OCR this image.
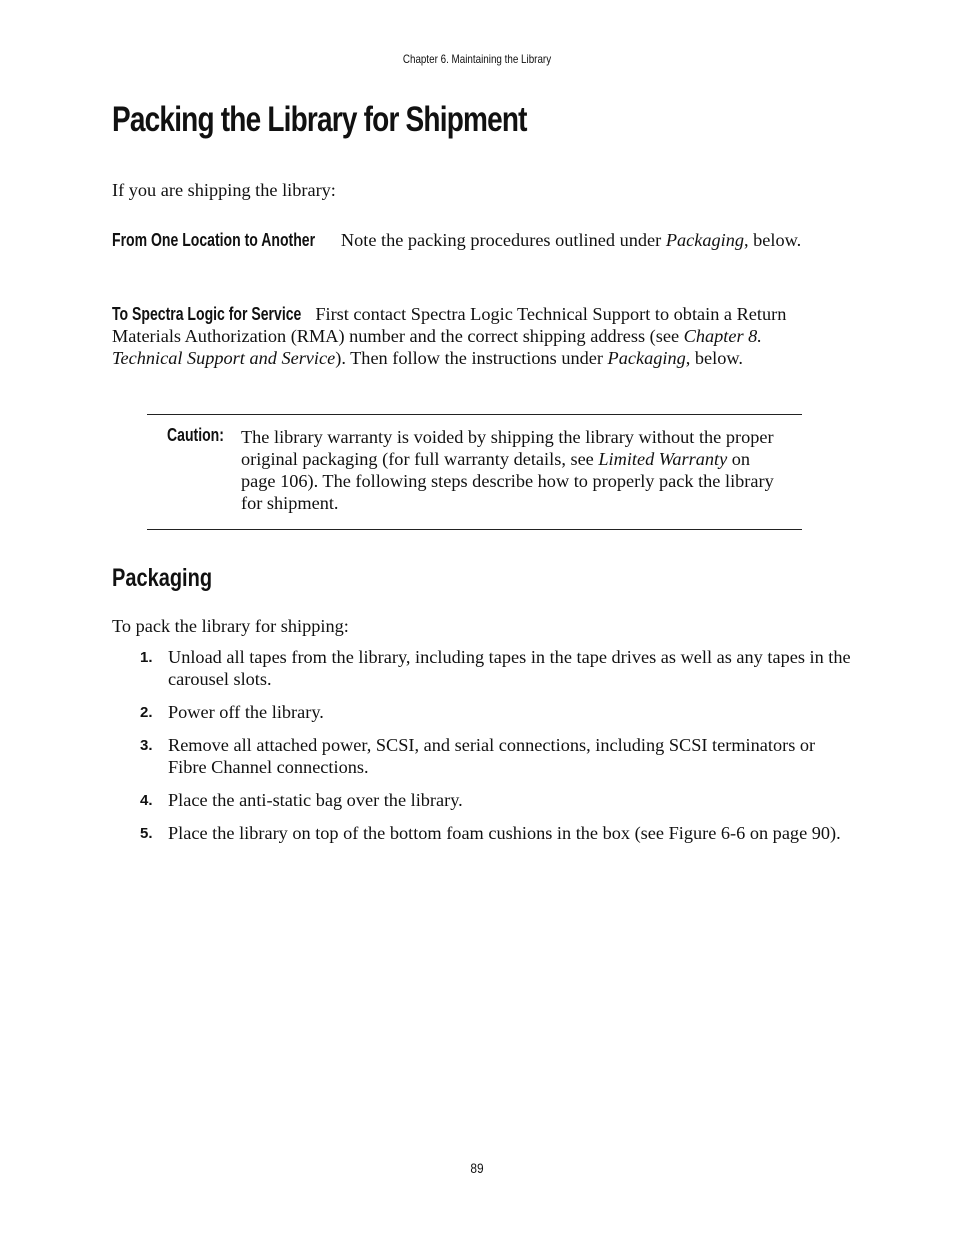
Chapter 6. Maintaining the Library
Packing the Library for Shipment

If you are shipping the library:

From One Location to Another Note the packing procedures outlined under Packaging, below.

To Spectra Logic for Service First contact Spectra Logic Technical Support to obtain a Return Materials Authorization (RMA) number and the correct shipping address (see Chapter 8. Technical Support and Service). Then follow the instructions under Packaging, below.

Caution: The library warranty is voided by shipping the library without the proper original packaging (for full warranty details, see Limited Warranty on page 106). The following steps describe how to properly pack the library for shipment.

Packaging

To pack the library for shipping:

1. Unload all tapes from the library, including tapes in the tape drives as well as any tapes in the carousel slots.
2. Power off the library.
3. Remove all attached power, SCSI, and serial connections, including SCSI terminators or Fibre Channel connections.
4. Place the anti-static bag over the library.
5. Place the library on top of the bottom foam cushions in the box (see Figure 6-6 on page 90).
89
